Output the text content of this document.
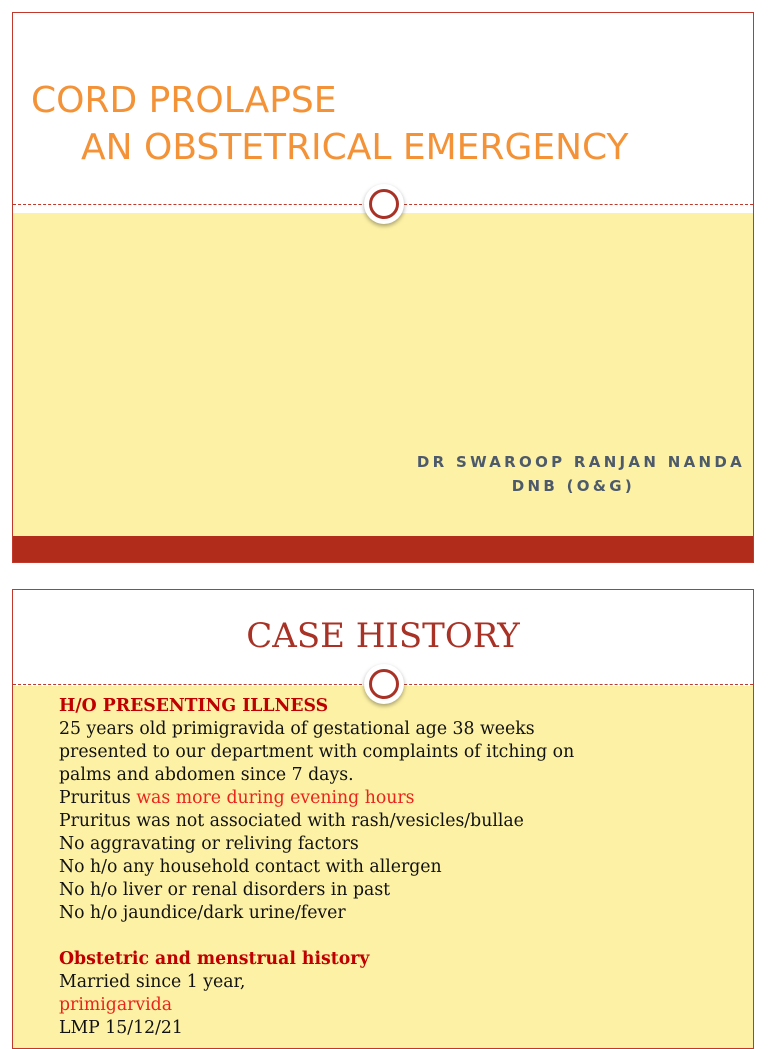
CORD PROLAPSE
AN OBSTETRICAL EMERGENCY
DR SWAROOP RANJAN NANDA
DNB (O&G)
CASE HISTORY
H/O PRESENTING ILLNESS
25 years old primigravida of gestational age 38 weeks
presented to our department with complaints of itching on
palms and abdomen since 7 days.
Pruritus was more during evening hours
Pruritus was not associated with rash/vesicles/bullae
No aggravating or reliving factors
No h/o any household contact with allergen
No h/o liver or renal disorders in past
No h/o jaundice/dark urine/fever
Obstetric and menstrual history
Married since 1 year,
primigarvida
LMP 15/12/21
